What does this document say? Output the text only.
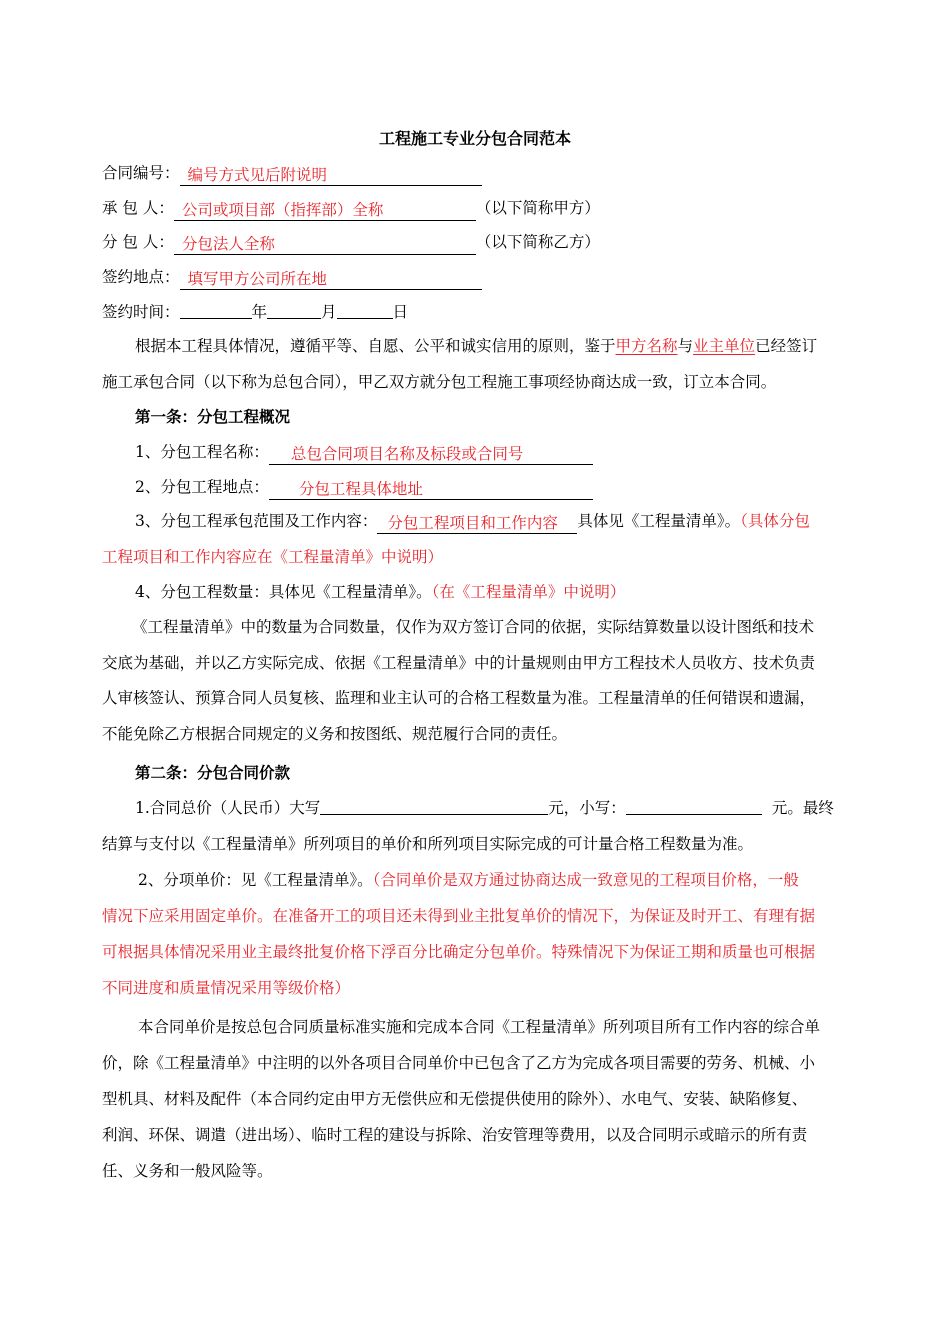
工程施工专业分包合同范本
合同编号： 编号方式见后附说明
承 包 人： 公司或项目部（指挥部）全称	（以下简称甲方）
分 包 人： 分包法人全称	（以下简称乙方）
签约地点： 填写甲方公司所在地
签约时间：	年	月	日
根据本工程具体情况，遵循平等、自愿、公平和诚实信用的原则，鉴于甲方名称与业主单位已经签订
施工承包合同（以下称为总包合同），甲乙双方就分包工程施工事项经协商达成一致，订立本合同。
第一条：分包工程概况
1、分包工程名称： 总包合同项目名称及标段或合同号
2、分包工程地点： 分包工程具体地址
3、分包工程承包范围及工作内容： 分包工程项目和工作内容 具体见《工程量清单》。（具体分包
工程项目和工作内容应在《工程量清单》中说明）
4、分包工程数量：具体见《工程量清单》。（在《工程量清单》中说明）
《工程量清单》中的数量为合同数量，仅作为双方签订合同的依据，实际结算数量以设计图纸和技术
交底为基础，并以乙方实际完成、依据《工程量清单》中的计量规则由甲方工程技术人员收方、技术负责
人审核签认、预算合同人员复核、监理和业主认可的合格工程数量为准。工程量清单的任何错误和遗漏，
不能免除乙方根据合同规定的义务和按图纸、规范履行合同的责任。
第二条：分包合同价款
1.合同总价（人民币）大写	元，小写：	元。最终
结算与支付以《工程量清单》所列项目的单价和所列项目实际完成的可计量合格工程数量为准。
2、分项单价：见《工程量清单》。（合同单价是双方通过协商达成一致意见的工程项目价格，一般
情况下应采用固定单价。在准备开工的项目还未得到业主批复单价的情况下，为保证及时开工、有理有据
可根据具体情况采用业主最终批复价格下浮百分比确定分包单价。特殊情况下为保证工期和质量也可根据
不同进度和质量情况采用等级价格）
本合同单价是按总包合同质量标准实施和完成本合同《工程量清单》所列项目所有工作内容的综合单
价，除《工程量清单》中注明的以外各项目合同单价中已包含了乙方为完成各项目需要的劳务、机械、小
型机具、材料及配件（本合同约定由甲方无偿供应和无偿提供使用的除外）、水电气、安装、缺陷修复、
利润、环保、调遣（进出场）、临时工程的建设与拆除、治安管理等费用，以及合同明示或暗示的所有责
任、义务和一般风险等。
